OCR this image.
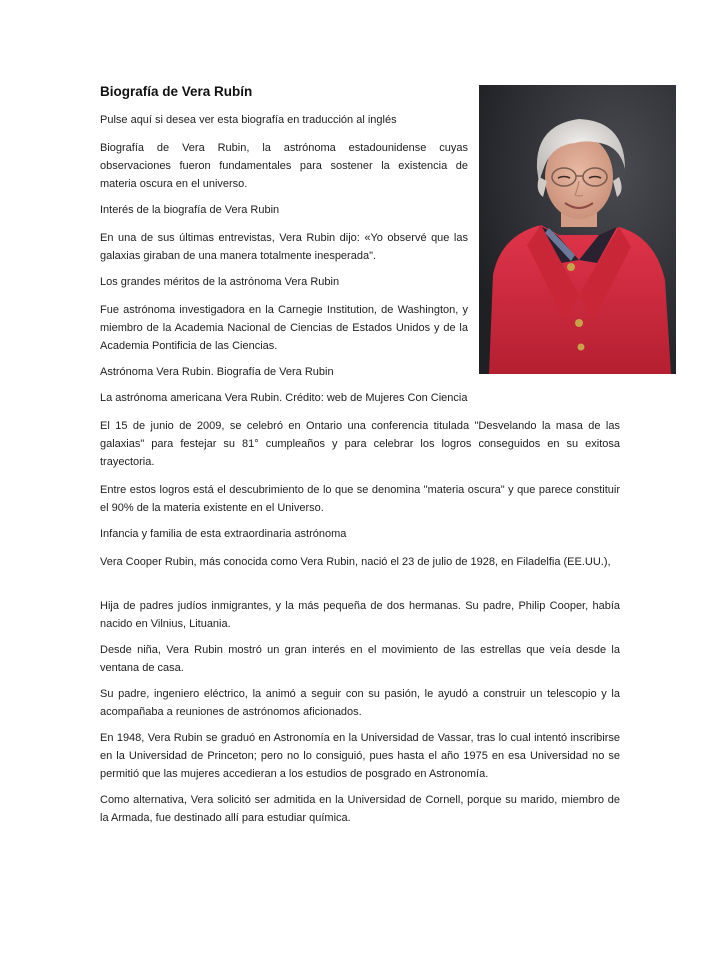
Biografía de Vera Rubín

Pulse aquí si desea ver esta biografía en traducción al inglés

Biografía de Vera Rubin, la astrónoma estadounidense cuyas observaciones fueron fundamentales para sostener la existencia de materia oscura en el universo.

Interés de la biografía de Vera Rubin

En una de sus últimas entrevistas, Vera Rubin dijo: «Yo observé que las galaxias giraban de una manera totalmente inesperada".

Los grandes méritos de la astrónoma Vera Rubin

Fue astrónoma investigadora en la Carnegie Institution, de Washington, y miembro de la Academia Nacional de Ciencias de Estados Unidos y de la Academia Pontificia de las Ciencias.

Astrónoma Vera Rubin. Biografía de Vera Rubin

La astrónoma americana Vera Rubin. Crédito: web de Mujeres Con Ciencia

El 15 de junio de 2009, se celebró en Ontario una conferencia titulada "Desvelando la masa de las galaxias" para festejar su 81° cumpleaños y para celebrar los logros conseguidos en su exitosa trayectoria.

Entre estos logros está el descubrimiento de lo que se denomina "materia oscura" y que parece constituir el 90% de la materia existente en el Universo.

Infancia y familia de esta extraordinaria astrónoma

Vera Cooper Rubin, más conocida como Vera Rubin, nació el 23 de julio de 1928, en Filadelfia (EE.UU.),

Hija de padres judíos inmigrantes, y la más pequeña de dos hermanas. Su padre, Philip Cooper, había nacido en Vilnius, Lituania.

Desde niña, Vera Rubin mostró un gran interés en el movimiento de las estrellas que veía desde la ventana de casa.

Su padre, ingeniero eléctrico, la animó a seguir con su pasión, le ayudó a construir un telescopio y la acompañaba a reuniones de astrónomos aficionados.

En 1948, Vera Rubin se graduó en Astronomía en la Universidad de Vassar, tras lo cual intentó inscribirse en la Universidad de Princeton; pero no lo consiguió, pues hasta el año 1975 en esa Universidad no se permitió que las mujeres accedieran a los estudios de posgrado en Astronomía.

Como alternativa, Vera solicitó ser admitida en la Universidad de Cornell, porque su marido, miembro de la Armada, fue destinado allí para estudiar química.
